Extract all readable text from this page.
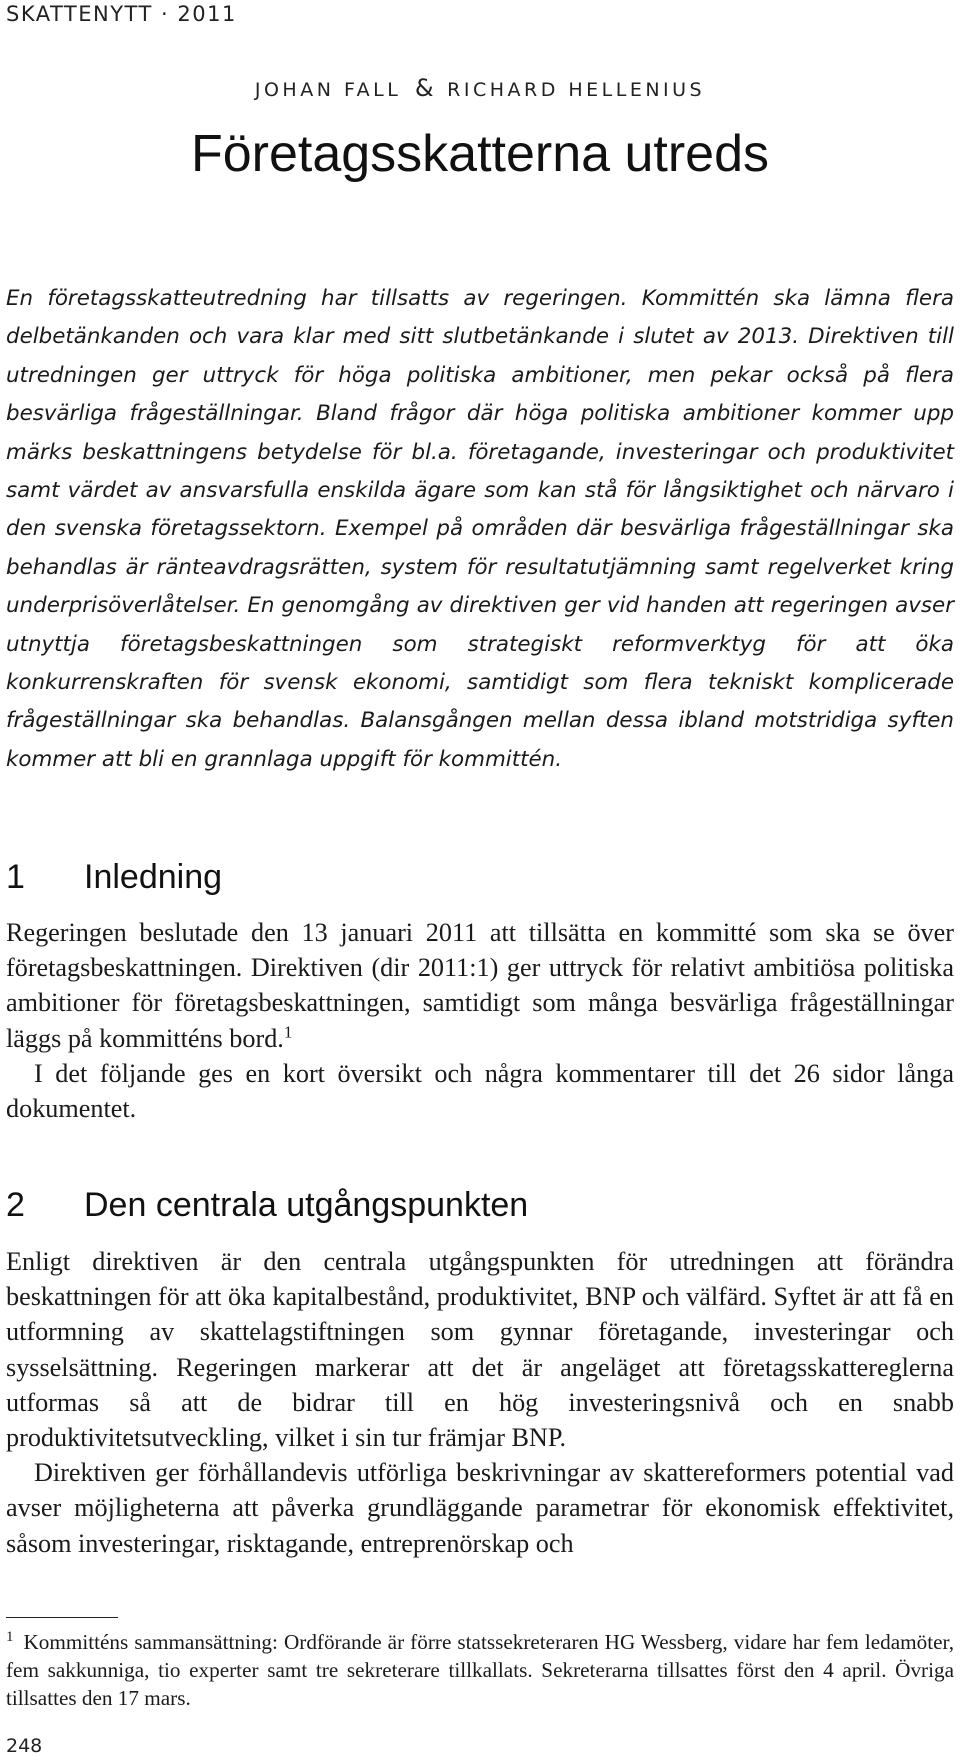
SKATTENYTT · 2011
JOHAN FALL & RICHARD HELLENIUS
Företagsskatterna utreds

En företagsskatteutredning har tillsatts av regeringen. Kommittén ska lämna flera delbetänkanden och vara klar med sitt slutbetänkande i slutet av 2013. Direktiven till utredningen ger uttryck för höga politiska ambitioner, men pekar också på flera besvärliga frågeställningar. Bland frågor där höga politiska ambitioner kommer upp märks beskattningens betydelse för bl.a. företagande, investeringar och produktivitet samt värdet av ansvarsfulla enskilda ägare som kan stå för långsiktighet och närvaro i den svenska företagssektorn. Exempel på områden där besvärliga frågeställningar ska behandlas är ränteavdragsrätten, system för resultatutjämning samt regelverket kring underprisöverlåtelser. En genomgång av direktiven ger vid handen att regeringen avser utnyttja företagsbeskattningen som strategiskt reformverktyg för att öka konkurrenskraften för svensk ekonomi, samtidigt som flera tekniskt komplicerade frågeställningar ska behandlas. Balansgången mellan dessa ibland motstridiga syften kommer att bli en grannlaga uppgift för kommittén.

1 Inledning

Regeringen beslutade den 13 januari 2011 att tillsätta en kommitté som ska se över företagsbeskattningen. Direktiven (dir 2011:1) ger uttryck för relativt ambitiösa politiska ambitioner för företagsbeskattningen, samtidigt som många besvärliga frågeställningar läggs på kommitténs bord.$^1$

I det följande ges en kort översikt och några kommentarer till det 26 sidor långa dokumentet.

2 Den centrala utgångspunkten

Enligt direktiven är den centrala utgångspunkten för utredningen att förändra beskattningen för att öka kapitalbestånd, produktivitet, BNP och välfärd. Syftet är att få en utformning av skattelagstiftningen som gynnar företagande, investeringar och sysselsättning. Regeringen markerar att det är angeläget att företagsskattereglerna utformas så att de bidrar till en hög investeringsnivå och en snabb produktivitetsutveckling, vilket i sin tur främjar BNP.

Direktiven ger förhållandevis utförliga beskrivningar av skattereformers potential vad avser möjligheterna att påverka grundläggande parametrar för ekonomisk effektivitet, såsom investeringar, risktagande, entreprenörskap och

$^1$ Kommitténs sammansättning: Ordförande är förre statssekreteraren HG Wessberg, vidare har fem ledamöter, fem sakkunniga, tio experter samt tre sekreterare tillkallats. Sekreterarna tillsattes först den 4 april. Övriga tillsattes den 17 mars.

248
